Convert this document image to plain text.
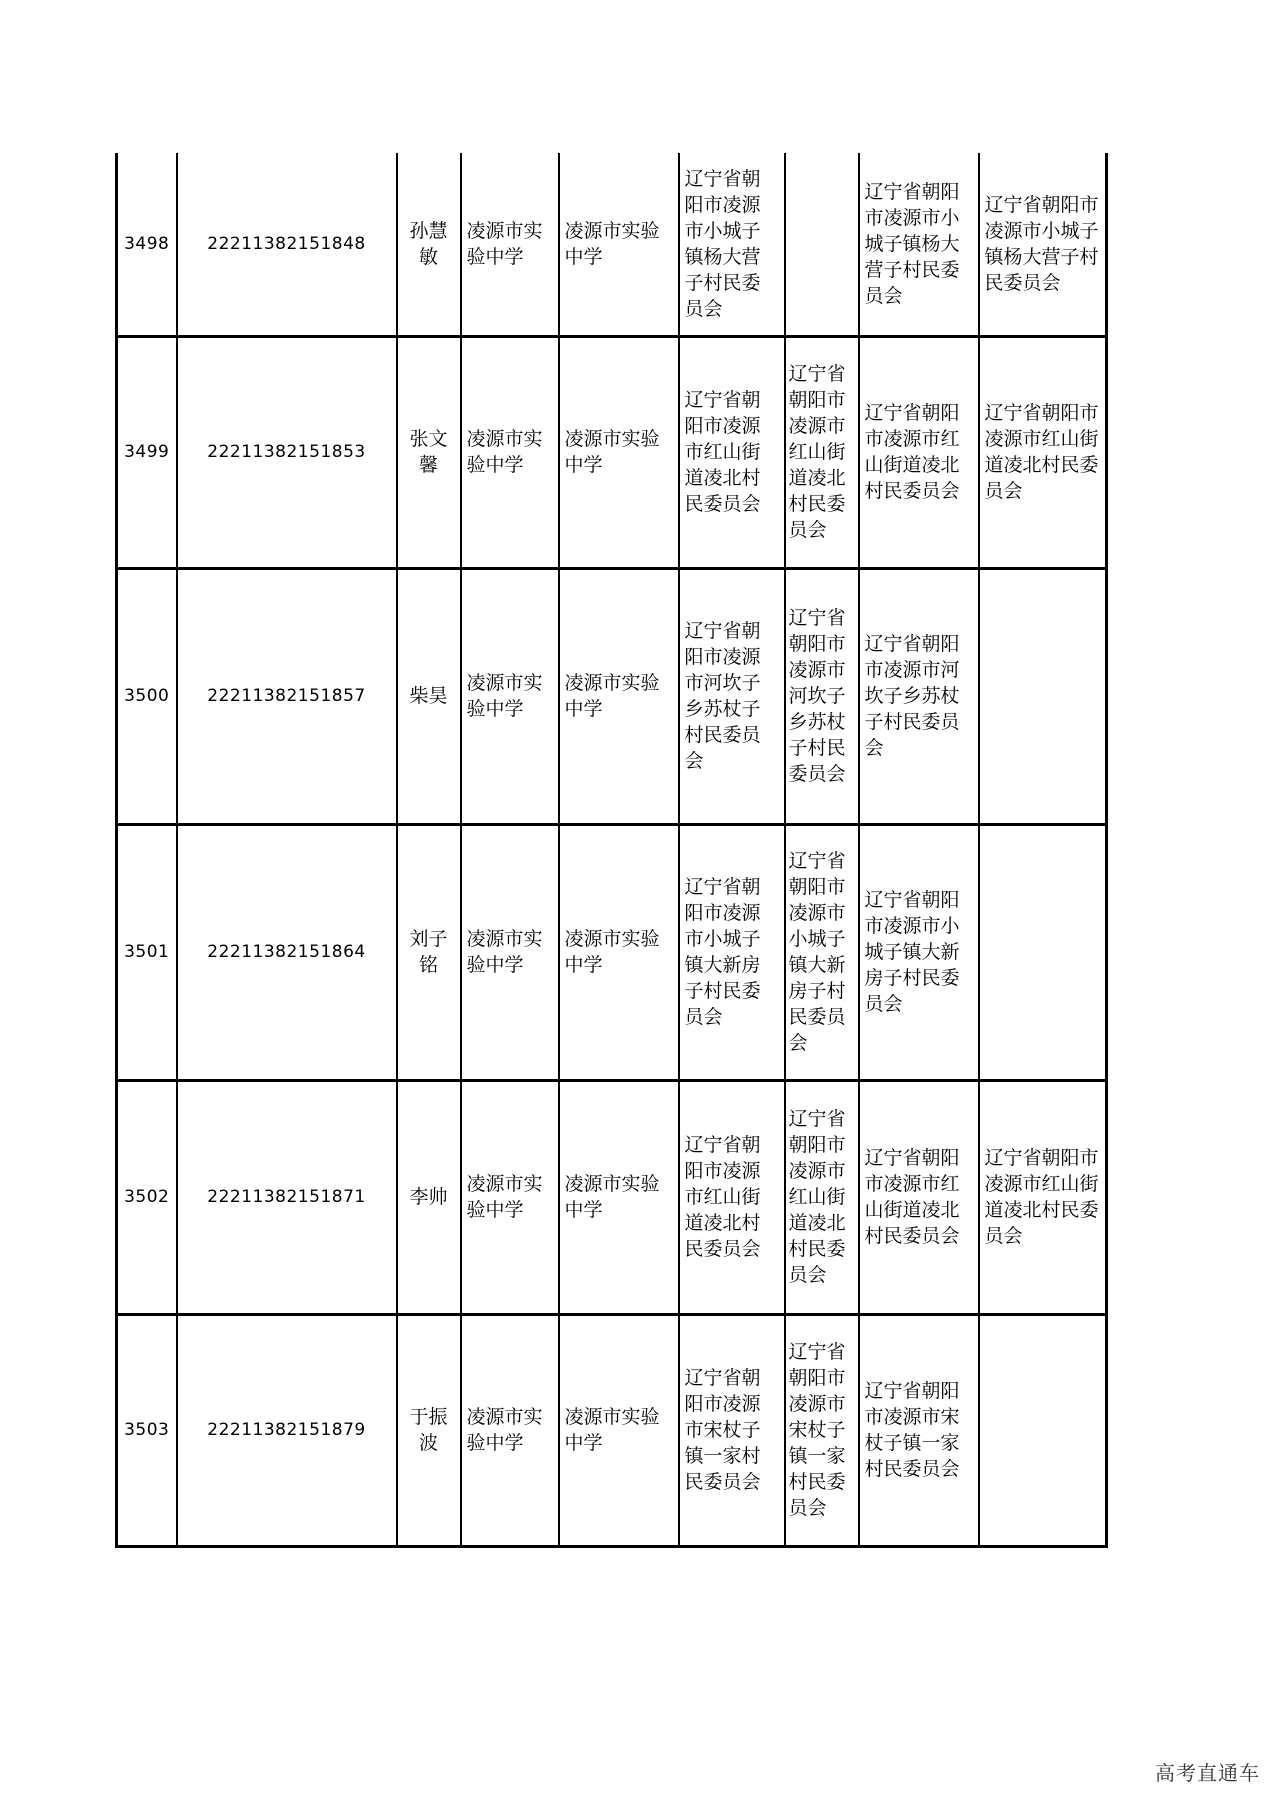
3498	22211382151848	孙慧敏	凌源市实验中学	凌源市实验中学	辽宁省朝阳市凌源市小城子镇杨大营子村民委员会		辽宁省朝阳市凌源市小城子镇杨大营子村民委员会	辽宁省朝阳市凌源市小城子镇杨大营子村民委员会
3499	22211382151853	张文馨	凌源市实验中学	凌源市实验中学	辽宁省朝阳市凌源市红山街道凌北村民委员会	辽宁省朝阳市凌源市红山街道凌北村民委员会	辽宁省朝阳市凌源市红山街道凌北村民委员会	辽宁省朝阳市凌源市红山街道凌北村民委员会
3500	22211382151857	柴昊	凌源市实验中学	凌源市实验中学	辽宁省朝阳市凌源市河坎子乡苏杖子村民委员会	辽宁省朝阳市凌源市河坎子乡苏杖子村民委员会	辽宁省朝阳市凌源市河坎子乡苏杖子村民委员会	
3501	22211382151864	刘子铭	凌源市实验中学	凌源市实验中学	辽宁省朝阳市凌源市小城子镇大新房子村民委员会	辽宁省朝阳市凌源市小城子镇大新房子村民委员会	辽宁省朝阳市凌源市小城子镇大新房子村民委员会	
3502	22211382151871	李帅	凌源市实验中学	凌源市实验中学	辽宁省朝阳市凌源市红山街道凌北村民委员会	辽宁省朝阳市凌源市红山街道凌北村民委员会	辽宁省朝阳市凌源市红山街道凌北村民委员会	辽宁省朝阳市凌源市红山街道凌北村民委员会
3503	22211382151879	于振波	凌源市实验中学	凌源市实验中学	辽宁省朝阳市凌源市宋杖子镇一家村民委员会	辽宁省朝阳市凌源市宋杖子镇一家村民委员会	辽宁省朝阳市凌源市宋杖子镇一家村民委员会	
高考直通车
